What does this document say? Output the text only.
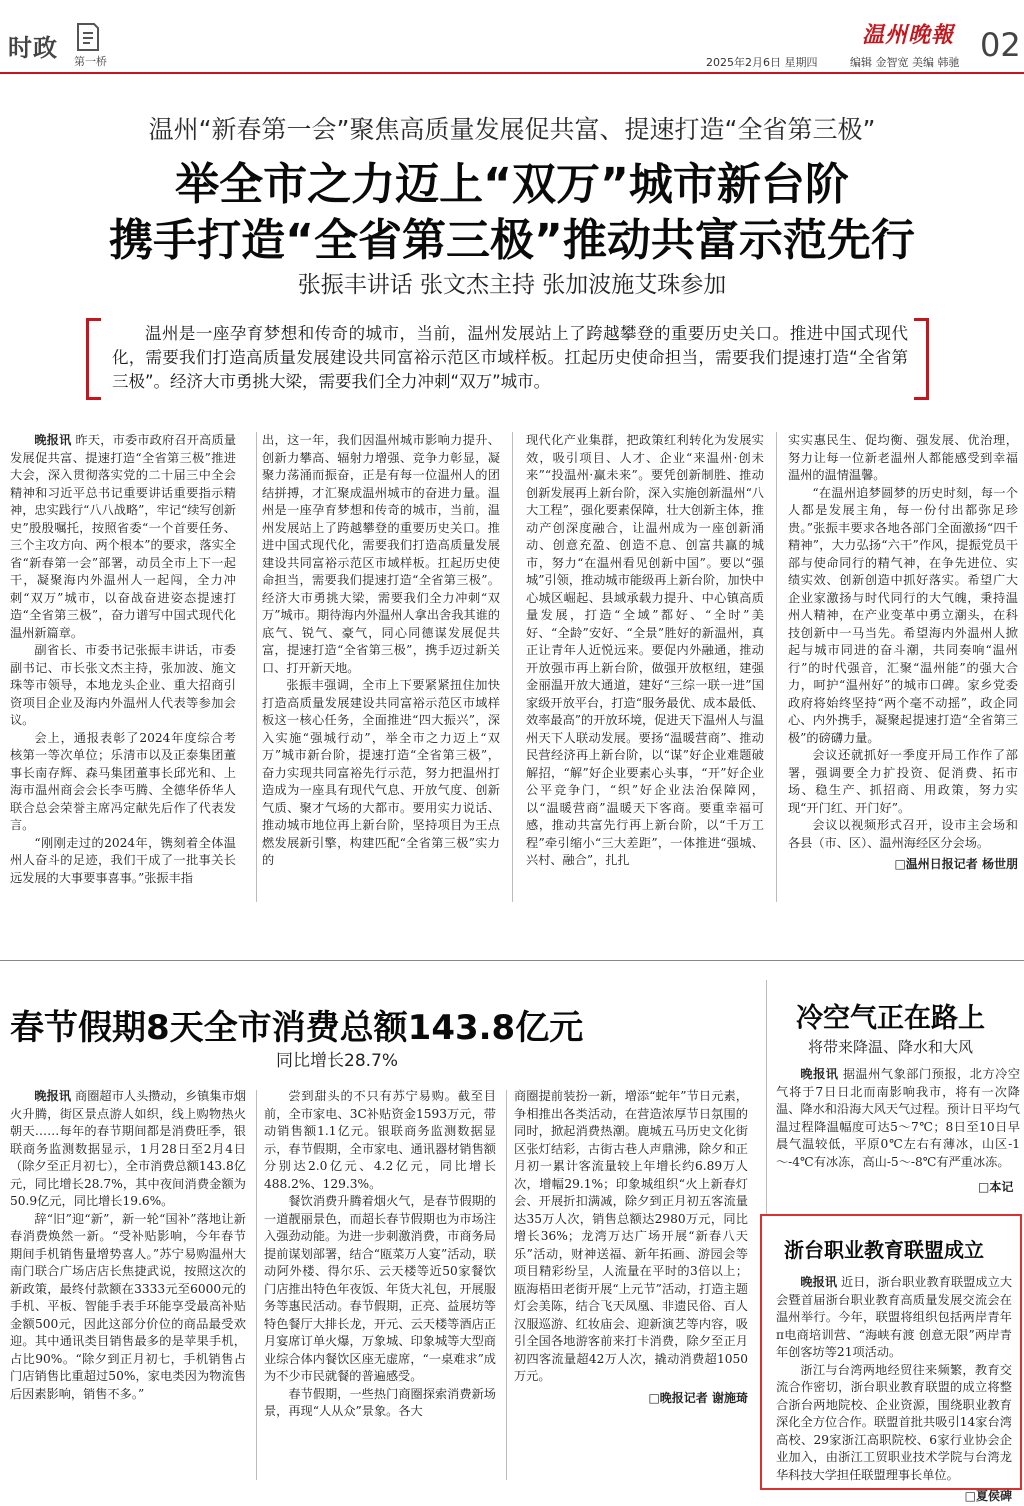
时政 第一桥
温州晚報 02
2025年2月6日 星期四	编辑 金智宽 美编 韩驰
温州“新春第一会”聚焦高质量发展促共富、提速打造“全省第三极”
举全市之力迈上“双万”城市新台阶
携手打造“全省第三极”推动共富示范先行
张振丰讲话 张文杰主持 张加波施艾珠参加
温州是一座孕育梦想和传奇的城市，当前，温州发展站上了跨越攀登的重要历史关口。推进中国式现代化，需要我们打造高质量发展建设共同富裕示范区市域样板。扛起历史使命担当，需要我们提速打造“全省第三极”。经济大市勇挑大梁，需要我们全力冲刺“双万”城市。

晚报讯 昨天，市委市政府召开高质量发展促共富、提速打造“全省第三极”推进大会，深入贯彻落实党的二十届三中全会精神和习近平总书记重要讲话重要指示精神，忠实践行“八八战略”，牢记“续写创新史”殷殷嘱托，按照省委“一个首要任务、三个主攻方向、两个根本”的要求，落实全省“新春第一会”部署，动员全市上下一起干，凝聚海内外温州人一起闯，全力冲刺“双万”城市，以奋战奋进姿态提速打造“全省第三极”，奋力谱写中国式现代化温州新篇章。

副省长、市委书记张振丰讲话，市委副书记、市长张文杰主持，张加波、施文珠等市领导，本地龙头企业、重大招商引资项目企业及海内外温州人代表等参加会议。

会上，通报表彰了2024年度综合考核第一等次单位；乐清市以及正泰集团董事长南存辉、森马集团董事长邱光和、上海市温州商会会长李丐腾、全德华侨华人联合总会荣誉主席冯定献先后作了代表发言。

“刚刚走过的2024年，镌刻着全体温州人奋斗的足迹，我们干成了一批事关长远发展的大事要事喜事。”张振丰指

出，这一年，我们因温州城市影响力提升、创新力攀高、辐射力增强、竞争力彰显，凝聚力荡涌而振奋，正是有每一位温州人的团结拼搏，才汇聚成温州城市的奋进力量。温州是一座孕育梦想和传奇的城市，当前，温州发展站上了跨越攀登的重要历史关口。推进中国式现代化，需要我们打造高质量发展建设共同富裕示范区市域样板。扛起历史使命担当，需要我们提速打造“全省第三极”。经济大市勇挑大梁，需要我们全力冲刺“双万”城市。期待海内外温州人拿出舍我其谁的底气、锐气、豪气，同心同德谋发展促共富，提速打造“全省第三极”，携手迈过新关口、打开新天地。

张振丰强调，全市上下要紧紧扭住加快打造高质量发展建设共同富裕示范区市域样板这一核心任务，全面推进“四大振兴”，深入实施“强城行动”，举全市之力迈上“双万”城市新台阶，提速打造“全省第三极”，奋力实现共同富裕先行示范，努力把温州打造成为一座具有现代气息、开放气度、创新气质、聚才气场的大都市。要用实力说话、推动城市地位再上新台阶，坚持项目为王点燃发展新引擎，构建匹配“全省第三极”实力的

现代化产业集群，把政策红利转化为发展实效，吸引项目、人才、企业“来温州·创未来”“投温州·赢未来”。要凭创新制胜、推动创新发展再上新台阶，深入实施创新温州“八大工程”，强化要素保障，壮大创新主体，推动产创深度融合，让温州成为一座创新涌动、创意充盈、创造不息、创富共赢的城市，努力“在温州看见创新中国”。要以“强城”引领，推动城市能级再上新台阶，加快中心城区崛起、县域承载力提升、中心镇高质量发展，打造“全域”都好、“全时”美好、“全龄”安好、“全景”胜好的新温州，真正让青年人近悦远来。要促内外融通，推动开放强市再上新台阶，做强开放枢纽，建强金丽温开放大通道，建好“三综一联一进”国家级开放平台，打造“服务最优、成本最低、效率最高”的开放环境，促进天下温州人与温州天下人联动发展。要扬“温暖营商”、推动民营经济再上新台阶，以“谋”好企业难题破解招，“解”好企业要素心头事，“开”好企业公平竞争门，“织”好企业法治保障网，以“温暖营商”温暖天下客商。要重幸福可感，推动共富先行再上新台阶，以“千万工程”牵引缩小“三大差距”，一体推进“强城、兴村、融合”，扎扎

实实惠民生、促均衡、强发展、优治理，努力让每一位新老温州人都能感受到幸福温州的温情温馨。

“在温州追梦圆梦的历史时刻，每一个人都是发展主角，每一份付出都弥足珍贵。”张振丰要求各地各部门全面激扬“四千精神”，大力弘扬“六干”作风，提振党员干部与使命同行的精气神，在争先进位、实绩实效、创新创造中抓好落实。希望广大企业家激扬与时代同行的大气魄，秉持温州人精神，在产业变革中勇立潮头，在科技创新中一马当先。希望海内外温州人掀起与城市同进的奋斗潮，共同奏响“温州行”的时代强音，汇聚“温州能”的强大合力，呵护“温州好”的城市口碑。家乡党委政府将始终坚持“两个毫不动摇”，政企同心、内外携手，凝聚起提速打造“全省第三极”的磅礴力量。

会议还就抓好一季度开局工作作了部署，强调要全力扩投资、促消费、拓市场、稳生产、抓招商、用政策，努力实现“开门红、开门好”。

会议以视频形式召开，设市主会场和各县（市、区）、温州海经区分会场。

□温州日报记者 杨世朋
春节假期8天全市消费总额143.8亿元
同比增长28.7%

晚报讯 商圈超市人头攒动，乡镇集市烟火升腾，街区景点游人如织，线上购物热火朝天……每年的春节期间都是消费旺季，银联商务监测数据显示，1月28日至2月4日（除夕至正月初七），全市消费总额143.8亿元，同比增长28.7%，其中夜间消费金额为50.9亿元，同比增长19.6%。

辞“旧”迎“新”，新一轮“国补”落地让新春消费焕然一新。“受补贴影响，今年春节期间手机销售量增势喜人。”苏宁易购温州大南门联合广场店店长焦捷武说，按照这次的新政策，最终付款额在3333元至6000元的手机、平板、智能手表手环能享受最高补贴金额500元，因此这部分价位的商品最受欢迎。其中通讯类目销售最多的是苹果手机，占比90%。“除夕到正月初七，手机销售占门店销售比重超过50%，家电类因为物流售后因素影响，销售不多。”

尝到甜头的不只有苏宁易购。截至目前，全市家电、3C补贴资金1593万元，带动销售额1.1亿元。银联商务监测数据显示，春节假期，全市家电、通讯器材销售额分别达2.0亿元、4.2亿元，同比增长488.2%、129.3%。

餐饮消费升腾着烟火气，是春节假期的一道靓丽景色，而超长春节假期也为市场注入强劲动能。为进一步刺激消费，市商务局提前谋划部署，结合“瓯菜万人宴”活动，联动阿外楼、得尔乐、云天楼等近50家餐饮门店推出特色年夜饭、年货大礼包，开展服务等惠民活动。春节假期，正亮、益展坊等特色餐厅大排长龙，开元、云天楼等酒店正月宴席订单火爆，万象城、印象城等大型商业综合体内餐饮区座无虚席，“一桌难求”成为不少市民就餐的普遍感受。

春节假期，一些热门商圈探索消费新场景，再现“人从众”景象。各大

商圈提前装扮一新，增添“蛇年”节日元素，争相推出各类活动，在营造浓厚节日氛围的同时，掀起消费热潮。鹿城五马历史文化街区张灯结彩，古街古巷人声鼎沸，除夕和正月初一累计客流量较上年增长约6.89万人次，增幅29.1%；印象城组织“火上新春灯会、开展折扣满减，除夕到正月初五客流量达35万人次，销售总额达2980万元，同比增长36%；龙湾万达广场开展“新春八天乐”活动，财神送福、新年拓画、游园会等项目精彩纷呈，人流量在平时的3倍以上；瓯海梧田老街开展“上元节”活动，打造主题灯会美陈，结合飞天凤凰、非遗民俗、百人汉服巡游、红妆庙会、迎新演艺等内容，吸引全国各地游客前来打卡消费，除夕至正月初四客流量超42万人次，撬动消费超1050万元。

□晚报记者 谢施琦
冷空气正在路上
将带来降温、降水和大风

晚报讯 据温州气象部门预报，北方冷空气将于7日日北而南影响我市，将有一次降温、降水和沿海大风天气过程。预计日平均气温过程降温幅度可达5～7℃；8日至10日早晨气温较低，平原0℃左右有薄冰，山区-1～-4℃有冰冻，高山-5～-8℃有严重冰冻。

□本记
浙台职业教育联盟成立

晚报讯 近日，浙台职业教育联盟成立大会暨首届浙台职业教育高质量发展交流会在温州举行。今年，联盟将组织包括两岸青年π电商培训营、“海峡有渡 创意无限”两岸青年创客坊等21项活动。

浙江与台湾两地经贸往来频繁，教育交流合作密切，浙台职业教育联盟的成立将整合浙台两地院校、企业资源，围绕职业教育深化全方位合作。联盟首批共吸引14家台湾高校、29家浙江高职院校、6家行业协会企业加入，由浙江工贸职业技术学院与台湾龙华科技大学担任联盟理事长单位。

□夏侯碑
